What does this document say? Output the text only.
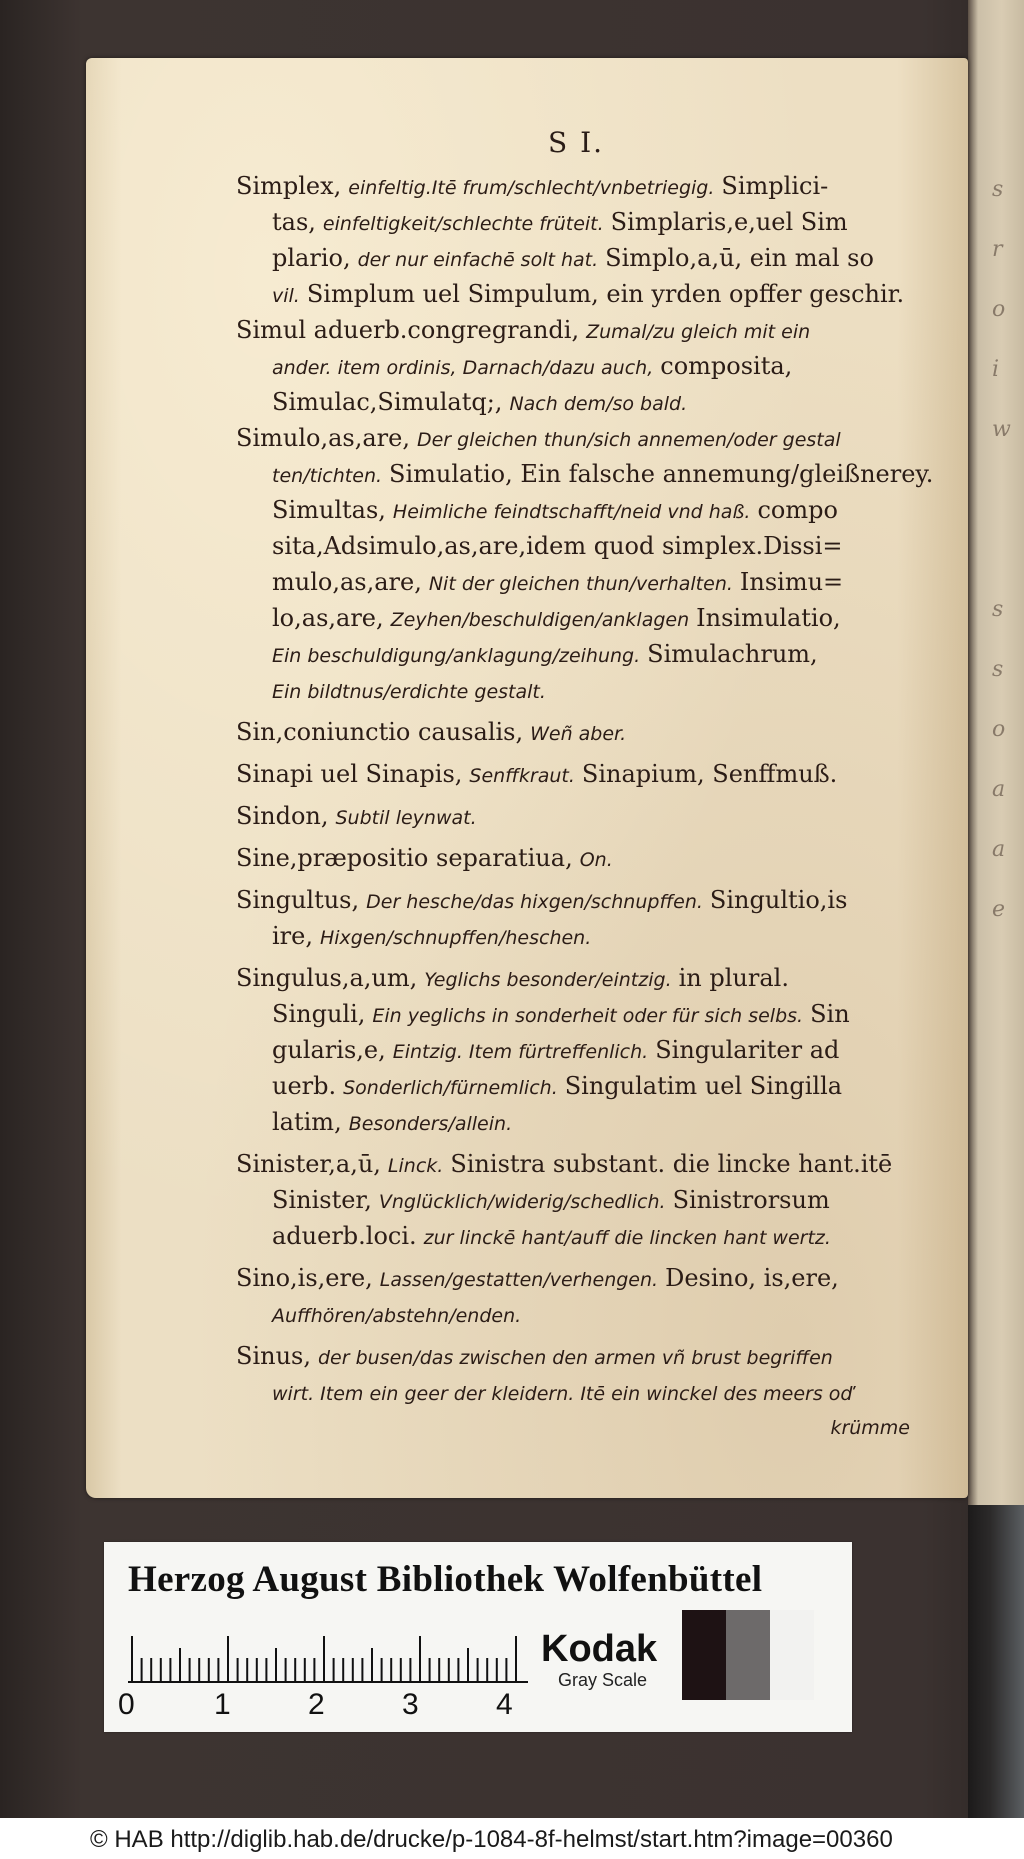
s
r
o
i
w

s
s
o
a
a
e
S I.
Simplex, einfeltig.Itē frum/schlecht/vnbetriegig. Simplici-
tas, einfeltigkeit/schlechte früteit. Simplaris,e,uel Sim
plario, der nur einfachē solt hat. Simplo,a,ū, ein mal so
vil. Simplum uel Simpulum, ein yrden opffer geschir.
Simul aduerb.congregrandi, Zumal/zu gleich mit ein
ander. item ordinis, Darnach/dazu auch, composita,
Simulac,Simulatq;, Nach dem/so bald.
Simulo,as,are, Der gleichen thun/sich annemen/oder gestal
ten/tichten. Simulatio, Ein falsche annemung/gleißnerey.
Simultas, Heimliche feindtschafft/neid vnd haß. compo
sita,Adsimulo,as,are,idem quod simplex.Dissi=
mulo,as,are, Nit der gleichen thun/verhalten. Insimu=
lo,as,are, Zeyhen/beschuldigen/anklagen Insimulatio,
Ein beschuldigung/anklagung/zeihung. Simulachrum,
Ein bildtnus/erdichte gestalt.
Sin,coniunctio causalis, Weñ aber.
Sinapi uel Sinapis, Senffkraut. Sinapium, Senffmuß.
Sindon, Subtil leynwat.
Sine,præpositio separatiua, On.
Singultus, Der hesche/das hixgen/schnupffen. Singultio,is
ire, Hixgen/schnupffen/heschen.
Singulus,a,um, Yeglichs besonder/eintzig. in plural.
Singuli, Ein yeglichs in sonderheit oder für sich selbs. Sin
gularis,e, Eintzig. Item fürtreffenlich. Singulariter ad
uerb. Sonderlich/fürnemlich. Singulatim uel Singilla
latim, Besonders/allein.
Sinister,a,ū, Linck. Sinistra substant. die lincke hant.itē
Sinister, Vnglücklich/widerig/schedlich. Sinistrorsum
aduerb.loci. zur linckē hant/auff die lincken hant wertz.
Sino,is,ere, Lassen/gestatten/verhengen. Desino, is,ere,
Auffhören/abstehn/enden.
Sinus, der busen/das zwischen den armen vñ brust begriffen
wirt. Item ein geer der kleidern. Itē ein winckel des meers oď
krümme
Herzog August Bibliothek Wolfenbüttel
0	1	2	3	4
Kodak
Gray Scale
© HAB http://diglib.hab.de/drucke/p-1084-8f-helmst/start.htm?image=00360
